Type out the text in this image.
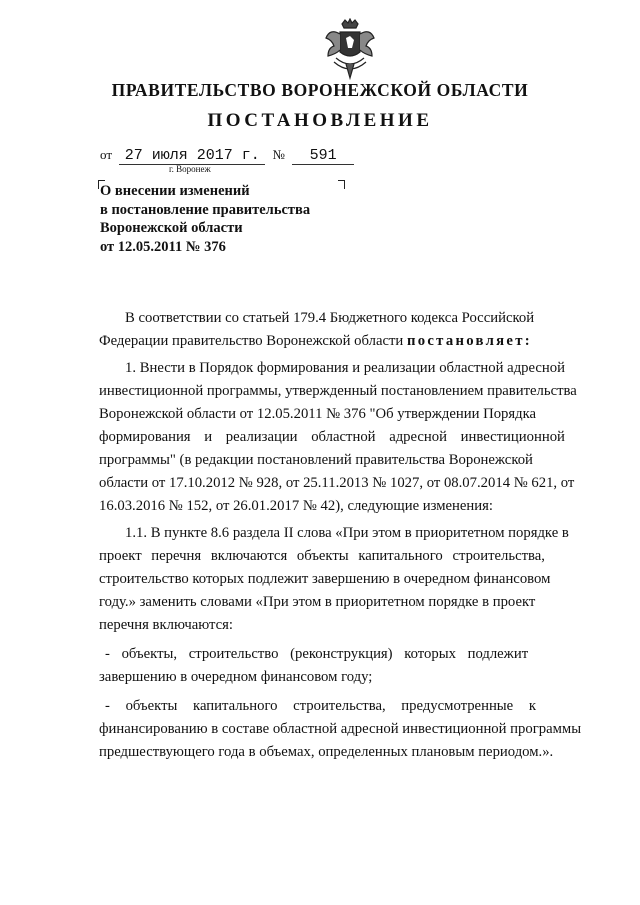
ПРАВИТЕЛЬСТВО ВОРОНЕЖСКОЙ ОБЛАСТИ
ПОСТАНОВЛЕНИЕ
от 27 июля 2017 г. № 591
г. Воронеж
О внесении изменений
в постановление правительства
Воронежской области
от 12.05.2011 № 376
В соответствии со статьей 179.4 Бюджетного кодекса Российской
Федерации правительство Воронежской области постановляет:
1. Внести в Порядок формирования и реализации областной адресной
инвестиционной программы, утвержденный постановлением правительства
Воронежской области от 12.05.2011 № 376 "Об утверждении Порядка
формирования и реализации областной адресной инвестиционной
программы" (в редакции постановлений правительства Воронежской
области от 17.10.2012 № 928, от 25.11.2013 № 1027, от 08.07.2014 № 621, от
16.03.2016 № 152, от 26.01.2017 № 42), следующие изменения:
1.1. В пункте 8.6 раздела II слова «При этом в приоритетном порядке в
проект перечня включаются объекты капитального строительства,
строительство которых подлежит завершению в очередном финансовом
году.» заменить словами «При этом в приоритетном порядке в проект
перечня включаются:
- объекты, строительство (реконструкция) которых подлежит
завершению в очередном финансовом году;
- объекты капитального строительства, предусмотренные к
финансированию в составе областной адресной инвестиционной программы
предшествующего года в объемах, определенных плановым периодом.».
